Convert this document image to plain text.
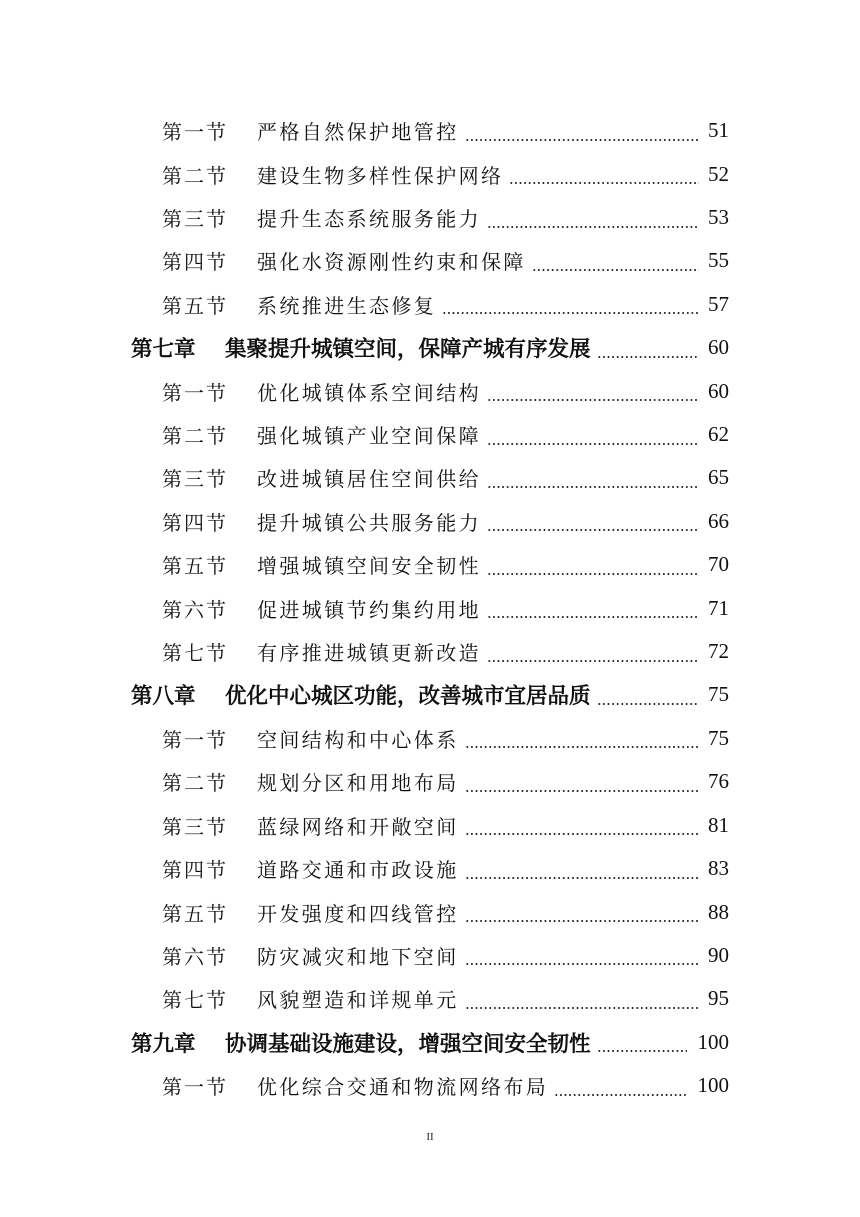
第一节	严格自然保护地管控	51
第二节	建设生物多样性保护网络	52
第三节	提升生态系统服务能力	53
第四节	强化水资源刚性约束和保障	55
第五节	系统推进生态修复	57
第七章	集聚提升城镇空间，保障产城有序发展	60
第一节	优化城镇体系空间结构	60
第二节	强化城镇产业空间保障	62
第三节	改进城镇居住空间供给	65
第四节	提升城镇公共服务能力	66
第五节	增强城镇空间安全韧性	70
第六节	促进城镇节约集约用地	71
第七节	有序推进城镇更新改造	72
第八章	优化中心城区功能，改善城市宜居品质	75
第一节	空间结构和中心体系	75
第二节	规划分区和用地布局	76
第三节	蓝绿网络和开敞空间	81
第四节	道路交通和市政设施	83
第五节	开发强度和四线管控	88
第六节	防灾减灾和地下空间	90
第七节	风貌塑造和详规单元	95
第九章	协调基础设施建设，增强空间安全韧性	100
第一节	优化综合交通和物流网络布局	100
II
